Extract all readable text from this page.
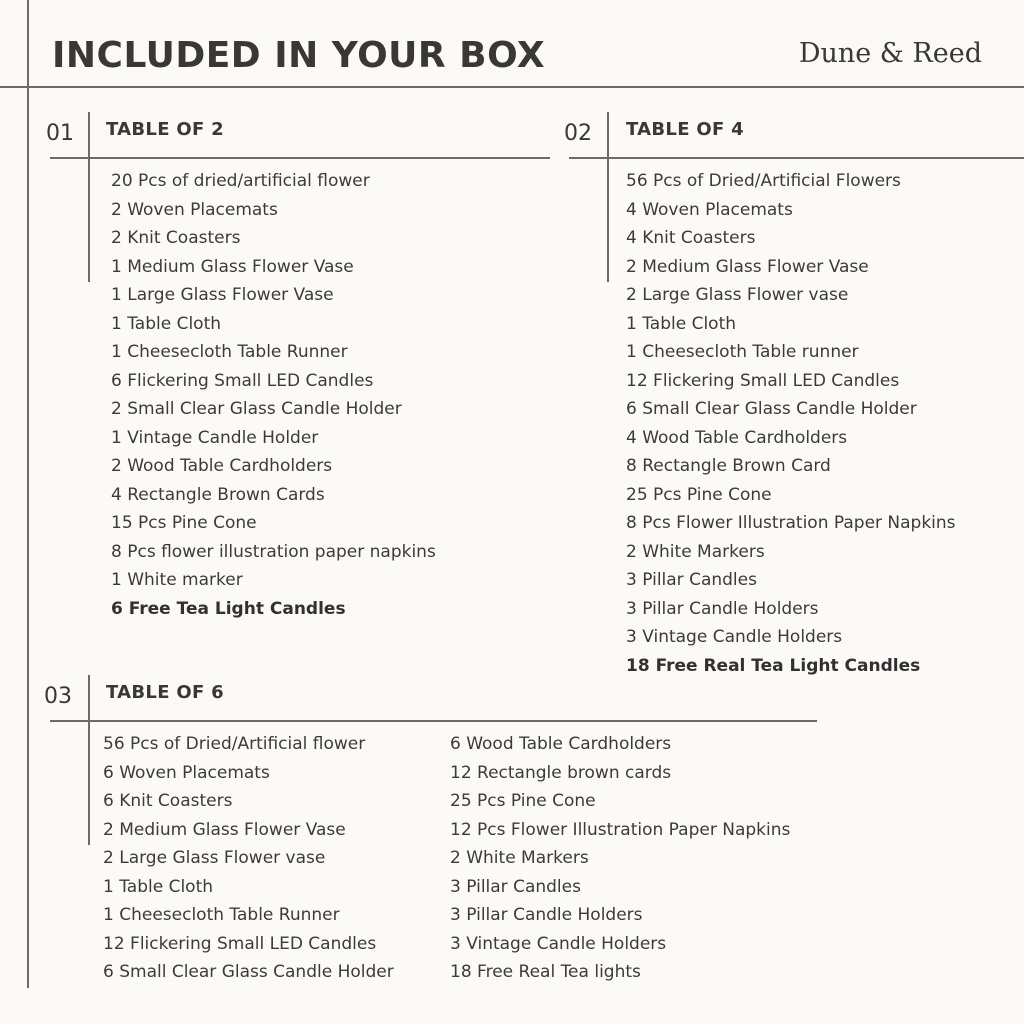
INCLUDED IN YOUR BOX	Dune & Reed
01 TABLE OF 2
20 Pcs of dried/artificial flower
2 Woven Placemats
2 Knit Coasters
1 Medium Glass Flower Vase
1 Large Glass Flower Vase
1 Table Cloth
1 Cheesecloth Table Runner
6 Flickering Small LED Candles
2 Small Clear Glass Candle Holder
1 Vintage Candle Holder
2 Wood Table Cardholders
4 Rectangle Brown Cards
15 Pcs Pine Cone
8 Pcs flower illustration paper napkins
1 White marker
6 Free Tea Light Candles
02 TABLE OF 4
56 Pcs of Dried/Artificial Flowers
4 Woven Placemats
4 Knit Coasters
2 Medium Glass Flower Vase
2 Large Glass Flower vase
1 Table Cloth
1 Cheesecloth Table runner
12 Flickering Small LED Candles
6 Small Clear Glass Candle Holder
4 Wood Table Cardholders
8 Rectangle Brown Card
25 Pcs Pine Cone
8 Pcs Flower Illustration Paper Napkins
2 White Markers
3 Pillar Candles
3 Pillar Candle Holders
3 Vintage Candle Holders
18 Free Real Tea Light Candles
03 TABLE OF 6
56 Pcs of Dried/Artificial flower
6 Woven Placemats
6 Knit Coasters
2 Medium Glass Flower Vase
2 Large Glass Flower vase
1 Table Cloth
1 Cheesecloth Table Runner
12 Flickering Small LED Candles
6 Small Clear Glass Candle Holder
6 Wood Table Cardholders
12 Rectangle brown cards
25 Pcs Pine Cone
12 Pcs Flower Illustration Paper Napkins
2 White Markers
3 Pillar Candles
3 Pillar Candle Holders
3 Vintage Candle Holders
18 Free Real Tea lights
